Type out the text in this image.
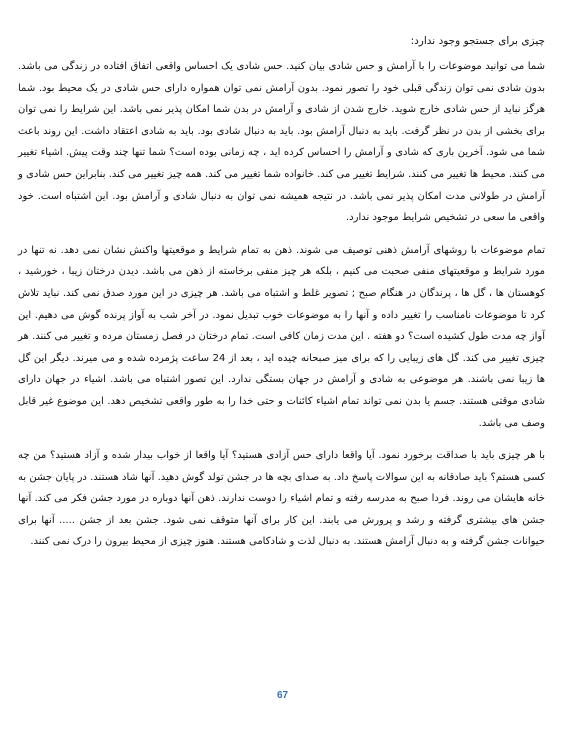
چیزی برای جستجو وجود ندارد:

شما می توانید موضوعات را با آرامش و حس شادی بیان کنید. حس شادی یک احساس واقعی اتفاق افتاده در زندگی می باشد. بدون شادی نمی توان زندگی قبلی خود را تصور نمود. بدون آرامش نمی توان همواره دارای حس شادی در یک محیط بود. شما هرگز نباید از حس شادی خارج شوید. خارج شدن از شادی و آرامش در بدن شما امکان پذیر نمی باشد. این شرایط را نمی توان برای بخشی از بدن در نظر گرفت. باید به دنبال آرامش بود. باید به دنبال شادی بود. باید به شادی اعتقاد داشت. این روند باعث شما می شود. آخرین باری که شادی و آرامش را احساس کرده اید ، چه زمانی بوده است؟ شما تنها چند وقت پیش. اشیاء تغییر می کنند. محیط ها تغییر می کنند. شرایط تغییر می کند. خانواده شما تغییر می کند. همه چیز تغییر می کند. بنابراین حس شادی و آرامش در طولانی مدت امکان پذیر نمی باشد. در نتیجه همیشه نمی توان به دنبال شادی و آرامش بود. این اشتباه است. خود واقعی ما سعی در تشخیص شرایط موجود ندارد.

تمام موضوعات با روشهای آرامش ذهنی توصیف می شوند. ذهن به تمام شرایط و موقعیتها واکنش نشان نمی دهد. نه تنها در مورد شرایط و موقعیتهای منفی صحبت می کنیم ، بلکه هر چیز منفی برخاسته از ذهن می باشد. دیدن درختان زیبا ، خورشید ، کوهستان ها ، گل ها ، پرندگان در هنگام صبح ; تصویر غلط و اشتباه می باشد. هر چیزی در این مورد صدق نمی کند. نباید تلاش کرد تا موضوعات نامناسب را تغییر داده و آنها را به موضوعات خوب تبدیل نمود. در آخر شب به آواز پرنده گوش می دهیم. این آواز چه مدت طول کشیده است؟ دو هفته . این مدت زمان کافی است. تمام درختان در فصل زمستان مرده و تغییر می کنند. هر چیزی تغییر می کند. گل های زیبایی را که برای میز صبحانه چیده اید ، بعد از 24 ساعت پژمرده شده و می میرند. دیگر این گل ها زیبا نمی باشند. هر موضوعی به شادی و آرامش در جهان بستگی ندارد. این تصور اشتباه می باشد. اشیاء در جهان دارای شادی موقتی هستند. جسم یا بدن نمی تواند تمام اشیاء کائنات و حتی خدا را به طور واقعی تشخیص دهد. این موضوع غیر قابل وصف می باشد.

با هر چیزی باید با صداقت برخورد نمود. آیا واقعا دارای حس آزادی هستید؟ آیا واقعا از خواب بیدار شده و آزاد هستید؟ من چه کسی هستم؟ باید صادقانه به این سوالات پاسخ داد. به صدای بچه ها در جشن تولد گوش دهید. آنها شاد هستند. در پایان جشن به خانه هایشان می روند. فردا صبح به مدرسه رفته و تمام اشیاء را دوست ندارند. ذهن آنها دوباره در مورد جشن فکر می کند. آنها جشن های بیشتری گرفته و رشد و پرورش می یابند. این کار برای آنها متوقف نمی شود. جشن بعد از جشن ..... آنها برای حیوانات جشن گرفته و به دنبال آرامش هستند. به دنبال لذت و شادکامی هستند. هنوز چیزی از محیط بیرون را درک نمی کنند.

67
